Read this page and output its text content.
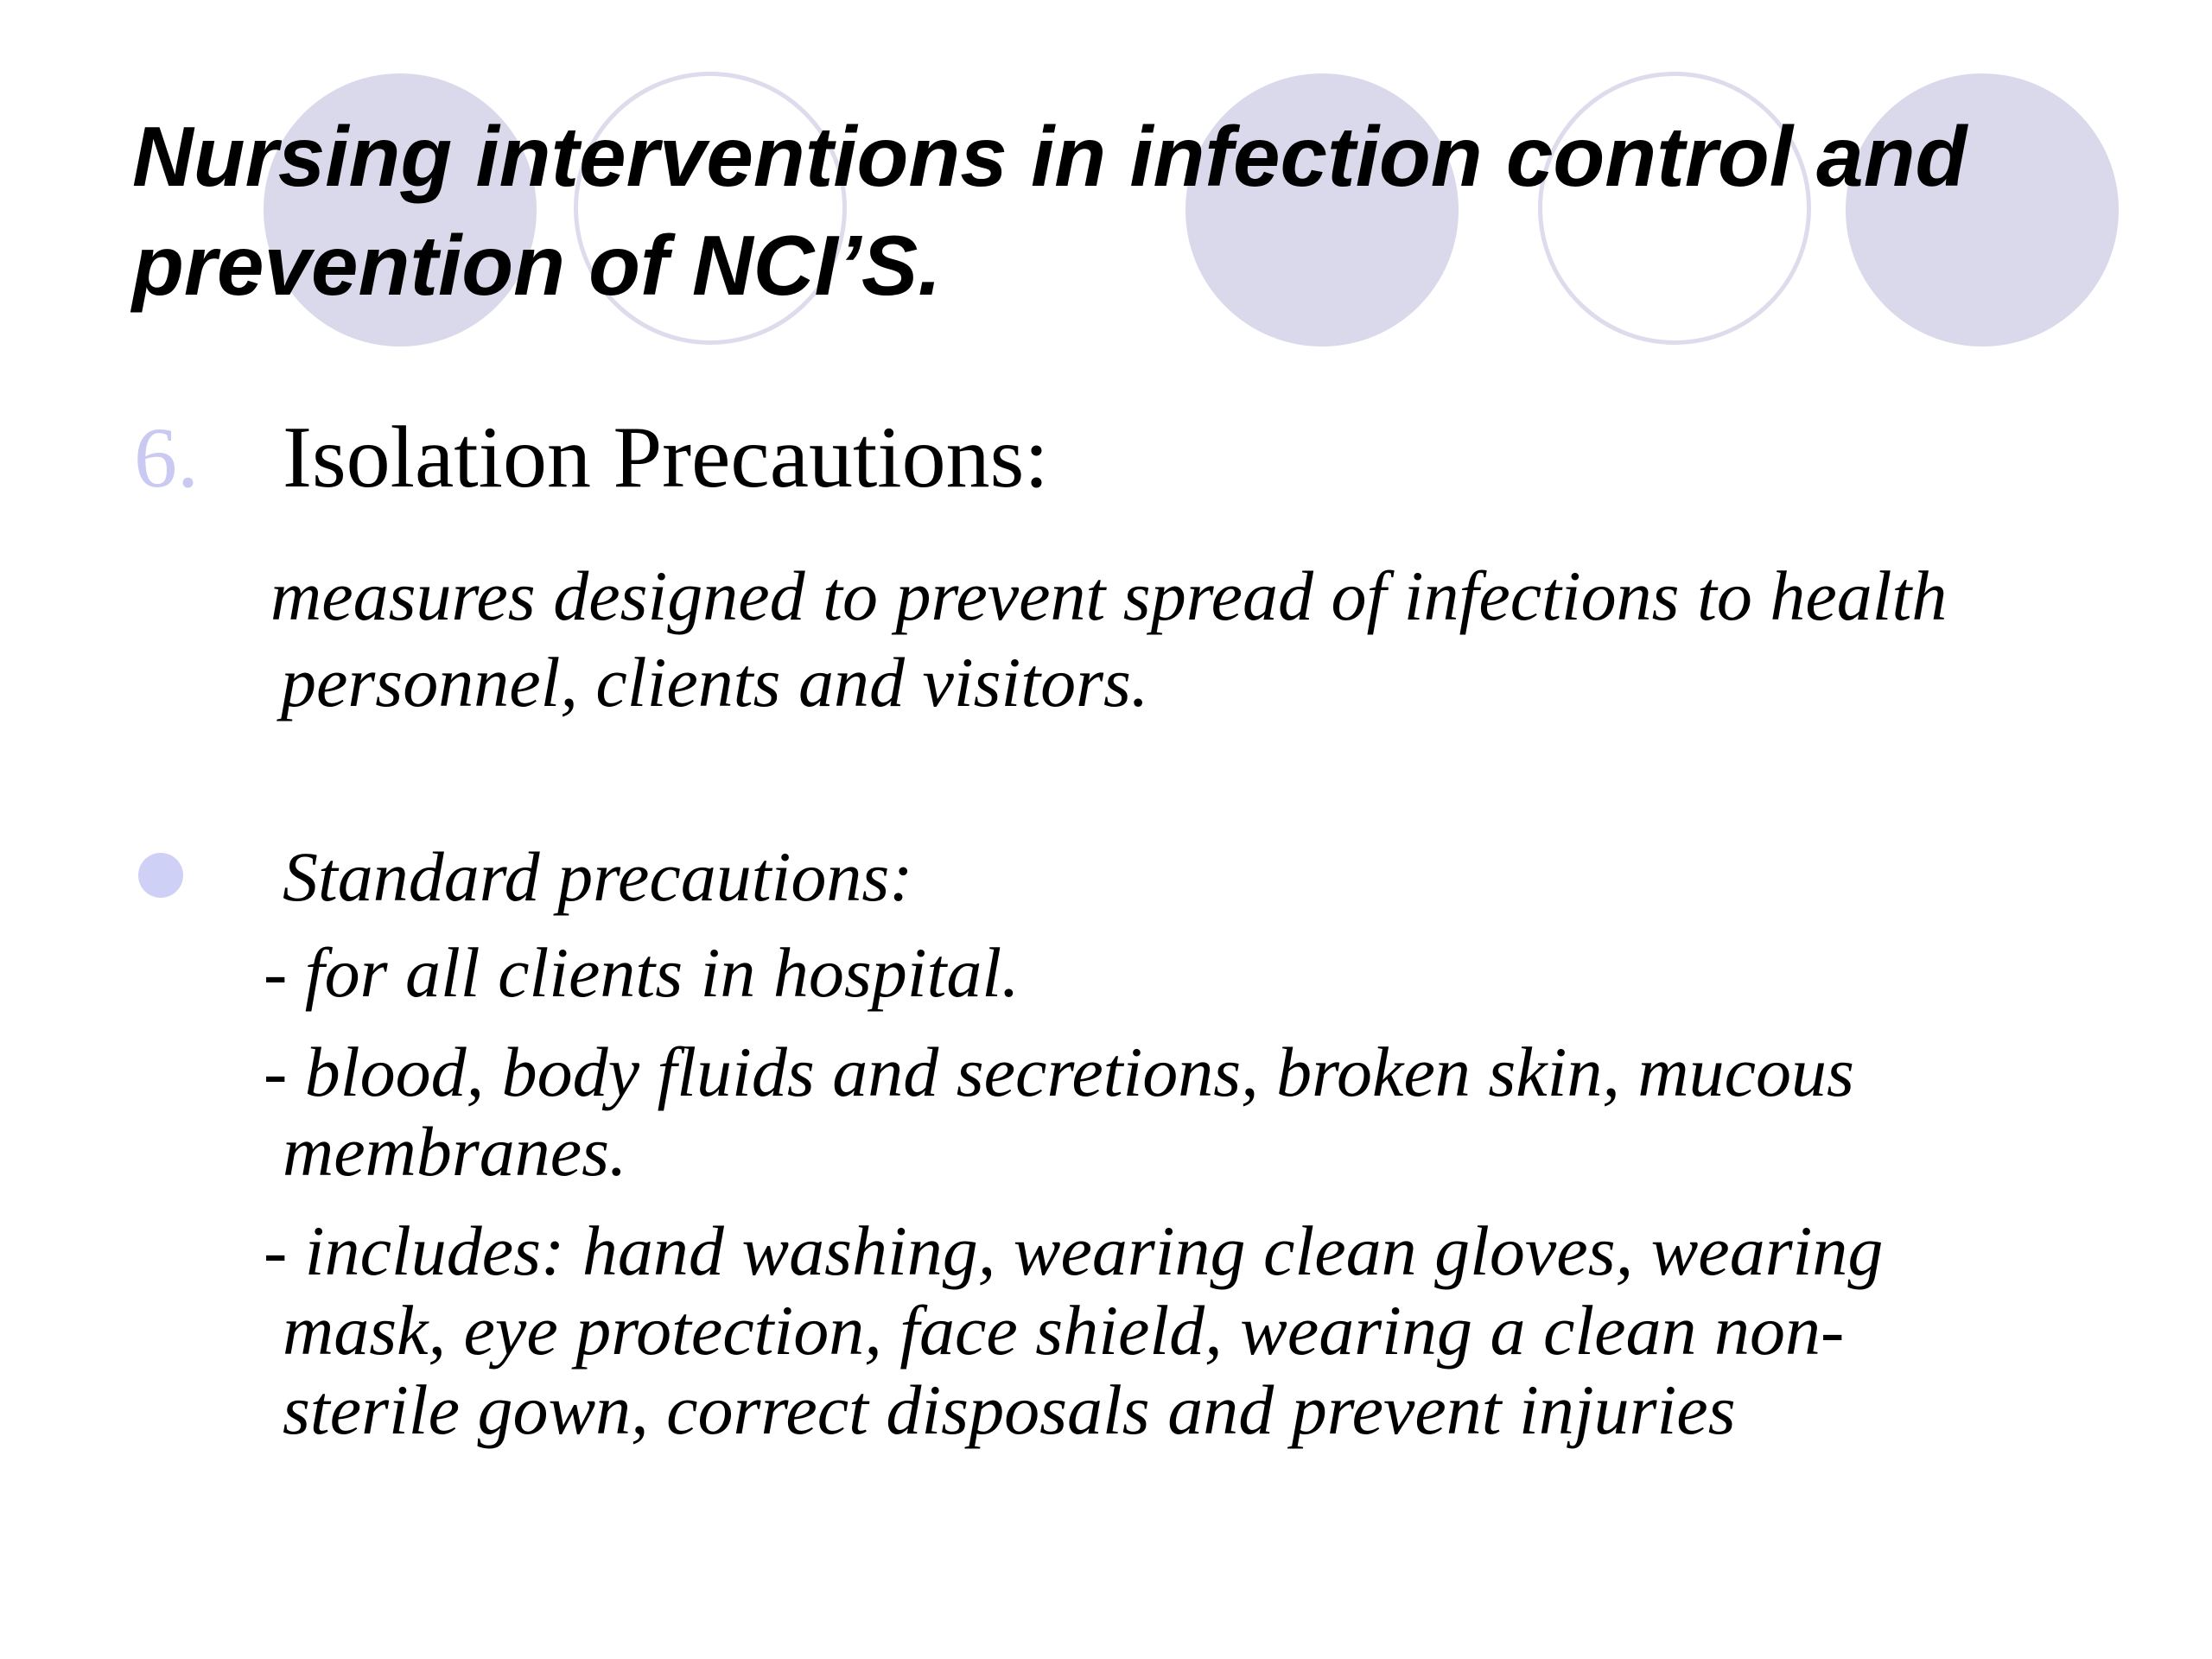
Nursing interventions in infection control and
prevention of NCI’S.
6. Isolation Precautions:
measures designed to prevent spread of infections to health
personnel, clients and visitors.
Standard precautions:
- for all clients in hospital.
- blood, body fluids and secretions, broken skin, mucous
membranes.
- includes: hand washing, wearing clean gloves, wearing
mask, eye protection, face shield, wearing a clean non-
sterile gown, correct disposals and prevent injuries
